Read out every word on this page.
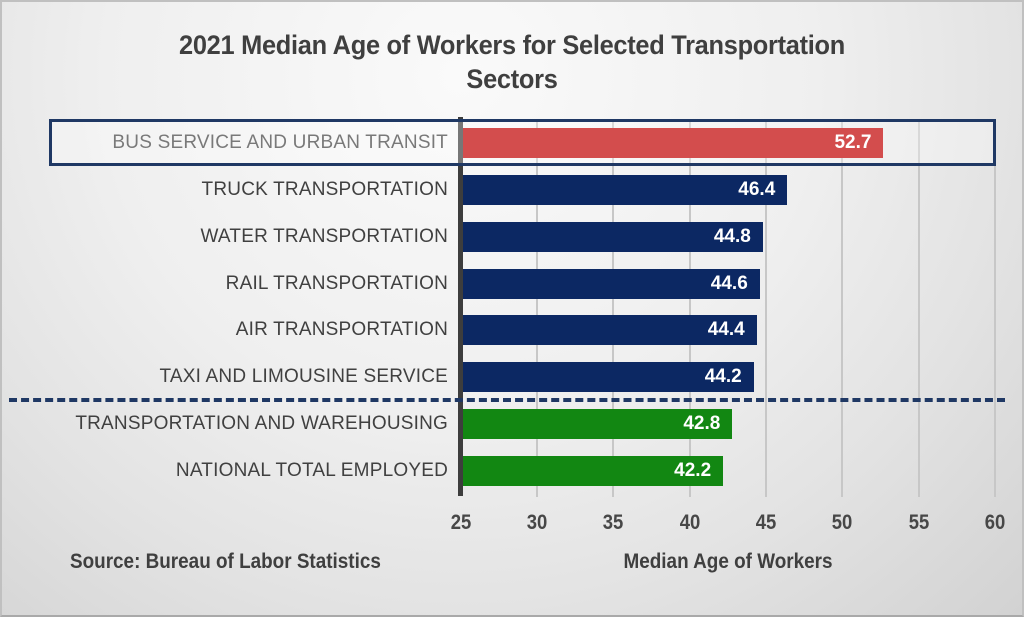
2021 Median Age of Workers for Selected Transportation
Sectors
25	30	35	40	45	50	55	60
BUS SERVICE AND URBAN TRANSIT	52.7
TRUCK TRANSPORTATION	46.4
WATER TRANSPORTATION	44.8
RAIL TRANSPORTATION	44.6
AIR TRANSPORTATION	44.4
TAXI AND LIMOUSINE SERVICE	44.2
TRANSPORTATION AND WAREHOUSING	42.8
NATIONAL TOTAL EMPLOYED	42.2
Source: Bureau of Labor Statistics	Median Age of Workers
